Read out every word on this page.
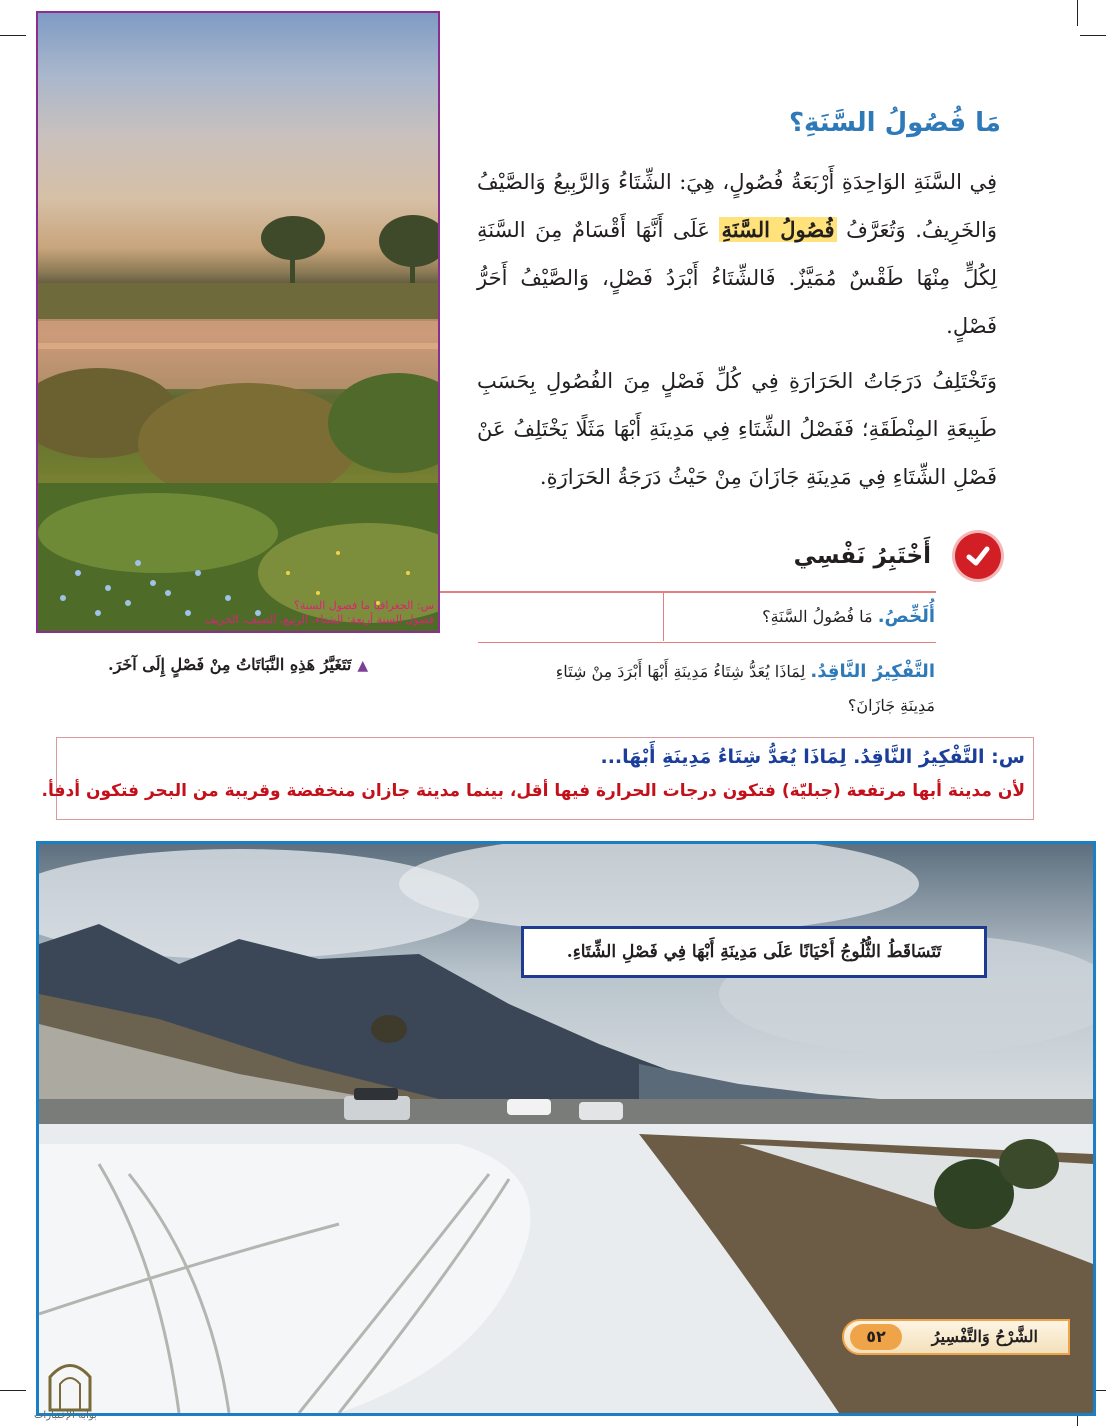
س: الجغرافيا ما فصول السنة؟
فصول السنة أربعة: الشتاء، الربيع، الصيف، الخريف
مَا فُصُولُ السَّنَةِ؟
فِي السَّنَةِ الوَاحِدَةِ أَرْبَعَةُ فُصُولٍ، هِيَ: الشِّتَاءُ وَالرَّبِيعُ وَالصَّيْفُ وَالخَرِيفُ. وَتُعَرَّفُ فُصُولُ السَّنَةِ عَلَى أَنَّهَا أَقْسَامٌ مِنَ السَّنَةِ لِكُلٍّ مِنْهَا طَقْسٌ مُمَيَّزٌ. فَالشِّتَاءُ أَبْرَدُ فَصْلٍ، وَالصَّيْفُ أَحَرُّ فَصْلٍ.
وَتَخْتَلِفُ دَرَجَاتُ الحَرَارَةِ فِي كُلِّ فَصْلٍ مِنَ الفُصُولِ بِحَسَبِ طَبِيعَةِ المِنْطَقَةِ؛ فَفَصْلُ الشِّتَاءِ فِي مَدِينَةِ أَبْهَا مَثَلًا يَخْتَلِفُ عَنْ فَصْلِ الشِّتَاءِ فِي مَدِينَةِ جَازَانَ مِنْ حَيْثُ دَرَجَةُ الحَرَارَةِ.
أَخْتَبِرُ نَفْسِي
أُلَخِّصُ. مَا فُصُولُ السَّنَةِ؟
التَّفْكِيرُ النَّاقِدُ. لِمَاذَا يُعَدُّ شِتَاءُ مَدِينَةِ أَبْهَا أَبْرَدَ مِنْ شِتَاءِ
مَدِينَةِ جَازَانَ؟
▲تَتَغَيَّرُ هَذِهِ النَّبَاتَاتُ مِنْ فَصْلٍ إِلَى آخَرَ.
س: التَّفْكِيرُ النَّاقِدُ. لِمَاذَا يُعَدُّ شِتَاءُ مَدِينَةِ أَبْهَا...
لأن مدينة أبها مرتفعة (جبليّة) فتكون درجات الحرارة فيها أقل، بينما مدينة جازان منخفضة وقريبة من البحر فتكون أدفأ.
تَتَسَاقَطُ الثُّلُوجُ أَحْيَانًا عَلَى مَدِينَةِ أَبْهَا فِي فَصْلِ الشِّتَاءِ.
الشَّرْحُ وَالتَّفْسِيرُ
٥٢
بوابة الإختبارات
